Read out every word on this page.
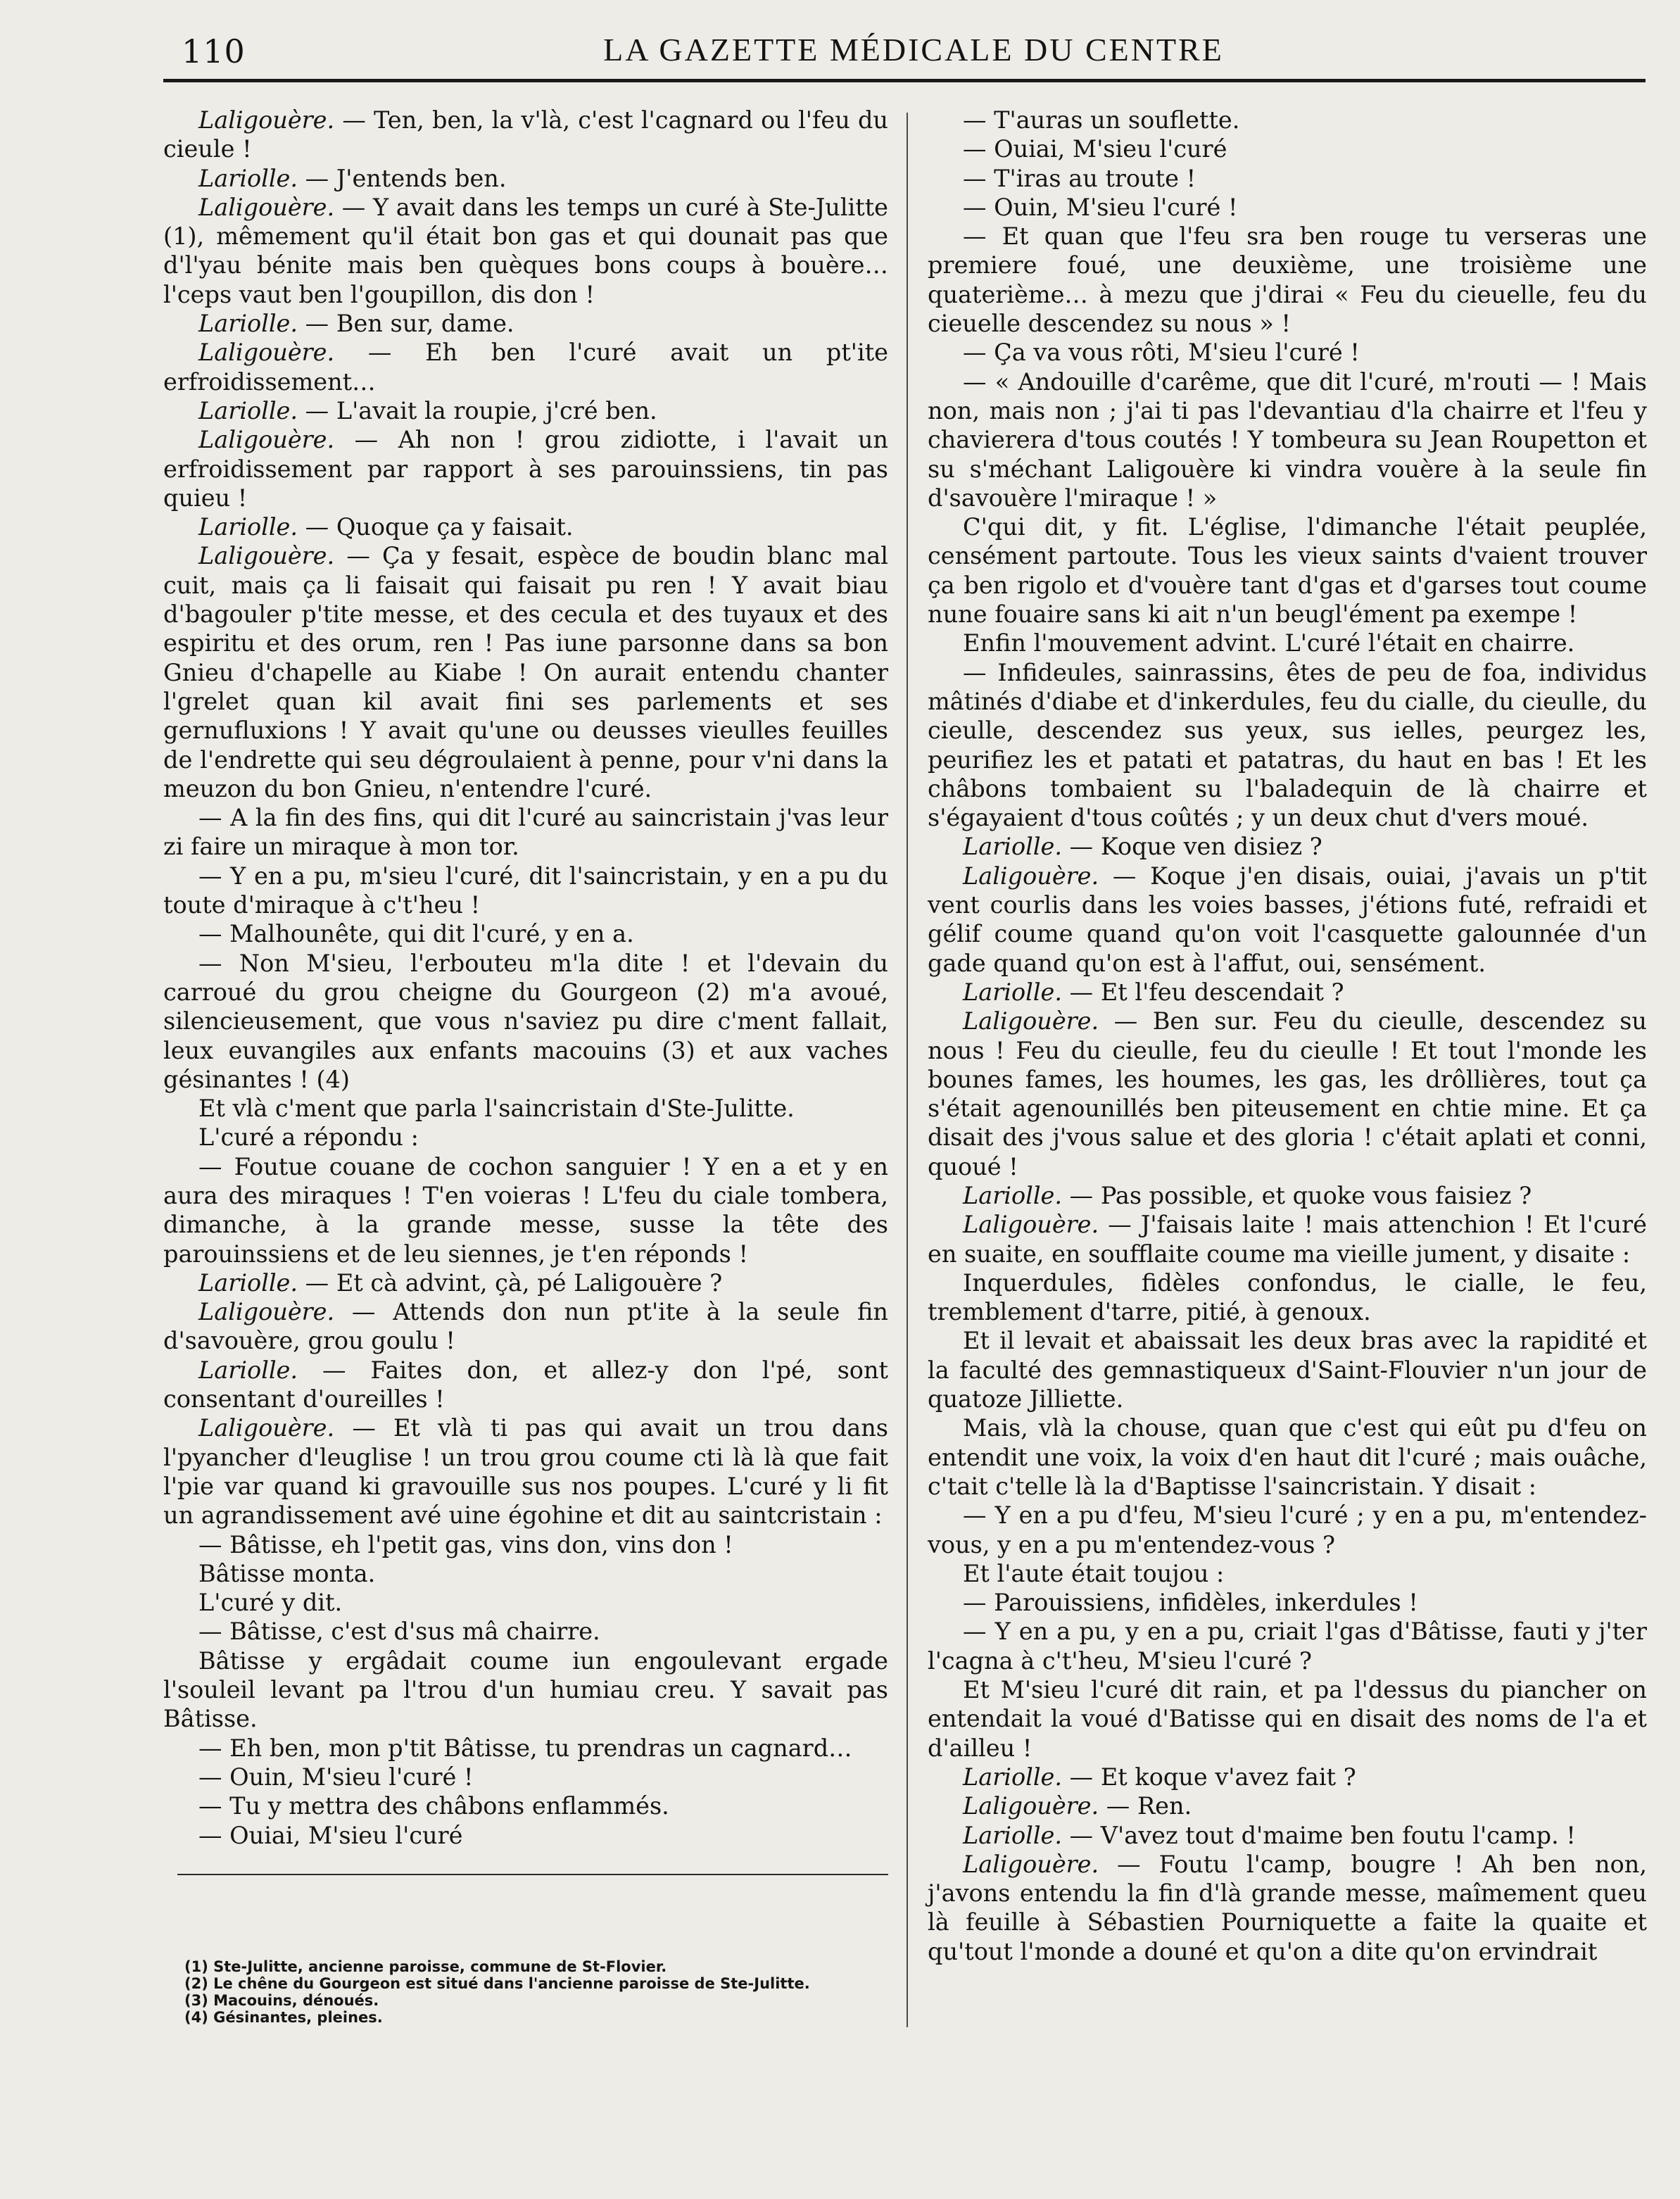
110	LA GAZETTE MÉDICALE DU CENTRE

Laligouère. — Ten, ben, la v'là, c'est l'cagnard ou l'feu du cieule !

Lariolle. — J'entends ben.

Laligouère. — Y avait dans les temps un curé à Ste-Julitte (1), mêmement qu'il était bon gas et qui dounait pas que d'l'yau bénite mais ben quèques bons coups à bouère… l'ceps vaut ben l'goupillon, dis don !

Lariolle. — Ben sur, dame.

Laligouère. — Eh ben l'curé avait un pt'ite erfroidissement…

Lariolle. — L'avait la roupie, j'cré ben.

Laligouère. — Ah non ! grou zidiotte, i l'avait un erfroidissement par rapport à ses parouinssiens, tin pas quieu !

Lariolle. — Quoque ça y faisait.

Laligouère. — Ça y fesait, espèce de boudin blanc mal cuit, mais ça li faisait qui faisait pu ren ! Y avait biau d'bagouler p'tite messe, et des cecula et des tuyaux et des espiritu et des orum, ren ! Pas iune parsonne dans sa bon Gnieu d'chapelle au Kiabe ! On aurait entendu chanter l'grelet quan kil avait fini ses parlements et ses gernufluxions ! Y avait qu'une ou deusses vieulles feuilles de l'endrette qui seu dégroulaient à penne, pour v'ni dans la meuzon du bon Gnieu, n'entendre l'curé.

— A la fin des fins, qui dit l'curé au saincristain j'vas leur zi faire un miraque à mon tor.

— Y en a pu, m'sieu l'curé, dit l'saincristain, y en a pu du toute d'miraque à c't'heu !

— Malhounête, qui dit l'curé, y en a.

— Non M'sieu, l'erbouteu m'la dite ! et l'devain du carroué du grou cheigne du Gourgeon (2) m'a avoué, silencieusement, que vous n'saviez pu dire c'ment fallait, leux euvangiles aux enfants macouins (3) et aux vaches gésinantes ! (4)

Et vlà c'ment que parla l'saincristain d'Ste-Julitte.

L'curé a répondu :

— Foutue couane de cochon sanguier ! Y en a et y en aura des miraques ! T'en voieras ! L'feu du ciale tombera, dimanche, à la grande messe, susse la tête des parouinssiens et de leu siennes, je t'en réponds !

Lariolle. — Et cà advint, çà, pé Laligouère ?

Laligouère. — Attends don nun pt'ite à la seule fin d'savouère, grou goulu !

Lariolle. — Faites don, et allez-y don l'pé, sont consentant d'oureilles !

Laligouère. — Et vlà ti pas qui avait un trou dans l'pyancher d'leuglise ! un trou grou coume cti là là que fait l'pie var quand ki gravouille sus nos poupes. L'curé y li fit un agrandissement avé uine égohine et dit au saintcristain :

— Bâtisse, eh l'petit gas, vins don, vins don !

Bâtisse monta.

L'curé y dit.

— Bâtisse, c'est d'sus mâ chairre.

Bâtisse y ergâdait coume iun engoulevant ergade l'souleil levant pa l'trou d'un humiau creu. Y savait pas Bâtisse.

— Eh ben, mon p'tit Bâtisse, tu prendras un cagnard…

— Ouin, M'sieu l'curé !

— Tu y mettra des châbons enflammés.

— Ouiai, M'sieu l'curé

— T'auras un souflette.

— Ouiai, M'sieu l'curé

— T'iras au troute !

— Ouin, M'sieu l'curé !

— Et quan que l'feu sra ben rouge tu verseras une premiere foué, une deuxième, une troisième une quaterième… à mezu que j'dirai « Feu du cieuelle, feu du cieuelle descendez su nous » !

— Ça va vous rôti, M'sieu l'curé !

— « Andouille d'carême, que dit l'curé, m'routi — ! Mais non, mais non ; j'ai ti pas l'devantiau d'la chairre et l'feu y chavierera d'tous coutés ! Y tombeura su Jean Roupetton et su s'méchant Laligouère ki vindra vouère à la seule fin d'savouère l'miraque ! »

C'qui dit, y fit. L'église, l'dimanche l'était peuplée, censément partoute. Tous les vieux saints d'vaient trouver ça ben rigolo et d'vouère tant d'gas et d'garses tout coume nune fouaire sans ki ait n'un beugl'ément pa exempe !

Enfin l'mouvement advint. L'curé l'était en chairre.

— Infideules, sainrassins, êtes de peu de foa, individus mâtinés d'diabe et d'inkerdules, feu du cialle, du cieulle, du cieulle, descendez sus yeux, sus ielles, peurgez les, peurifiez les et patati et patatras, du haut en bas ! Et les châbons tombaient su l'baladequin de là chairre et s'égayaient d'tous coûtés ; y un deux chut d'vers moué.

Lariolle. — Koque ven disiez ?

Laligouère. — Koque j'en disais, ouiai, j'avais un p'tit vent courlis dans les voies basses, j'étions futé, refraidi et gélif coume quand qu'on voit l'casquette galounnée d'un gade quand qu'on est à l'affut, oui, sensément.

Lariolle. — Et l'feu descendait ?

Laligouère. — Ben sur. Feu du cieulle, descendez su nous ! Feu du cieulle, feu du cieulle ! Et tout l'monde les bounes fames, les houmes, les gas, les drôllières, tout ça s'était agenounillés ben piteusement en chtie mine. Et ça disait des j'vous salue et des gloria ! c'était aplati et conni, quoué !

Lariolle. — Pas possible, et quoke vous faisiez ?

Laligouère. — J'faisais laite ! mais attenchion ! Et l'curé en suaite, en soufflaite coume ma vieille jument, y disaite :

Inquerdules, fidèles confondus, le cialle, le feu, tremblement d'tarre, pitié, à genoux.

Et il levait et abaissait les deux bras avec la rapidité et la faculté des gemnastiqueux d'Saint-Flouvier n'un jour de quatoze Jilliette.

Mais, vlà la chouse, quan que c'est qui eût pu d'feu on entendit une voix, la voix d'en haut dit l'curé ; mais ouâche, c'tait c'telle là la d'Baptisse l'saincristain. Y disait :

— Y en a pu d'feu, M'sieu l'curé ; y en a pu, m'entendez-vous, y en a pu m'entendez-vous ?

Et l'aute était toujou :

— Parouissiens, infidèles, inkerdules !

— Y en a pu, y en a pu, criait l'gas d'Bâtisse, fauti y j'ter l'cagna à c't'heu, M'sieu l'curé ?

Et M'sieu l'curé dit rain, et pa l'dessus du piancher on entendait la voué d'Batisse qui en disait des noms de l'a et d'ailleu !

Lariolle. — Et koque v'avez fait ?

Laligouère. — Ren.

Lariolle. — V'avez tout d'maime ben foutu l'camp. !

Laligouère. — Foutu l'camp, bougre ! Ah ben non, j'avons entendu la fin d'là grande messe, maîmement queu là feuille à Sébastien Pourniquette a faite la quaite et qu'tout l'monde a douné et qu'on a dite qu'on ervindrait

(1) Ste-Julitte, ancienne paroisse, commune de St-Flovier.

(2) Le chêne du Gourgeon est situé dans l'ancienne paroisse de Ste-Julitte.

(3) Macouins, dénoués.

(4) Gésinantes, pleines.
